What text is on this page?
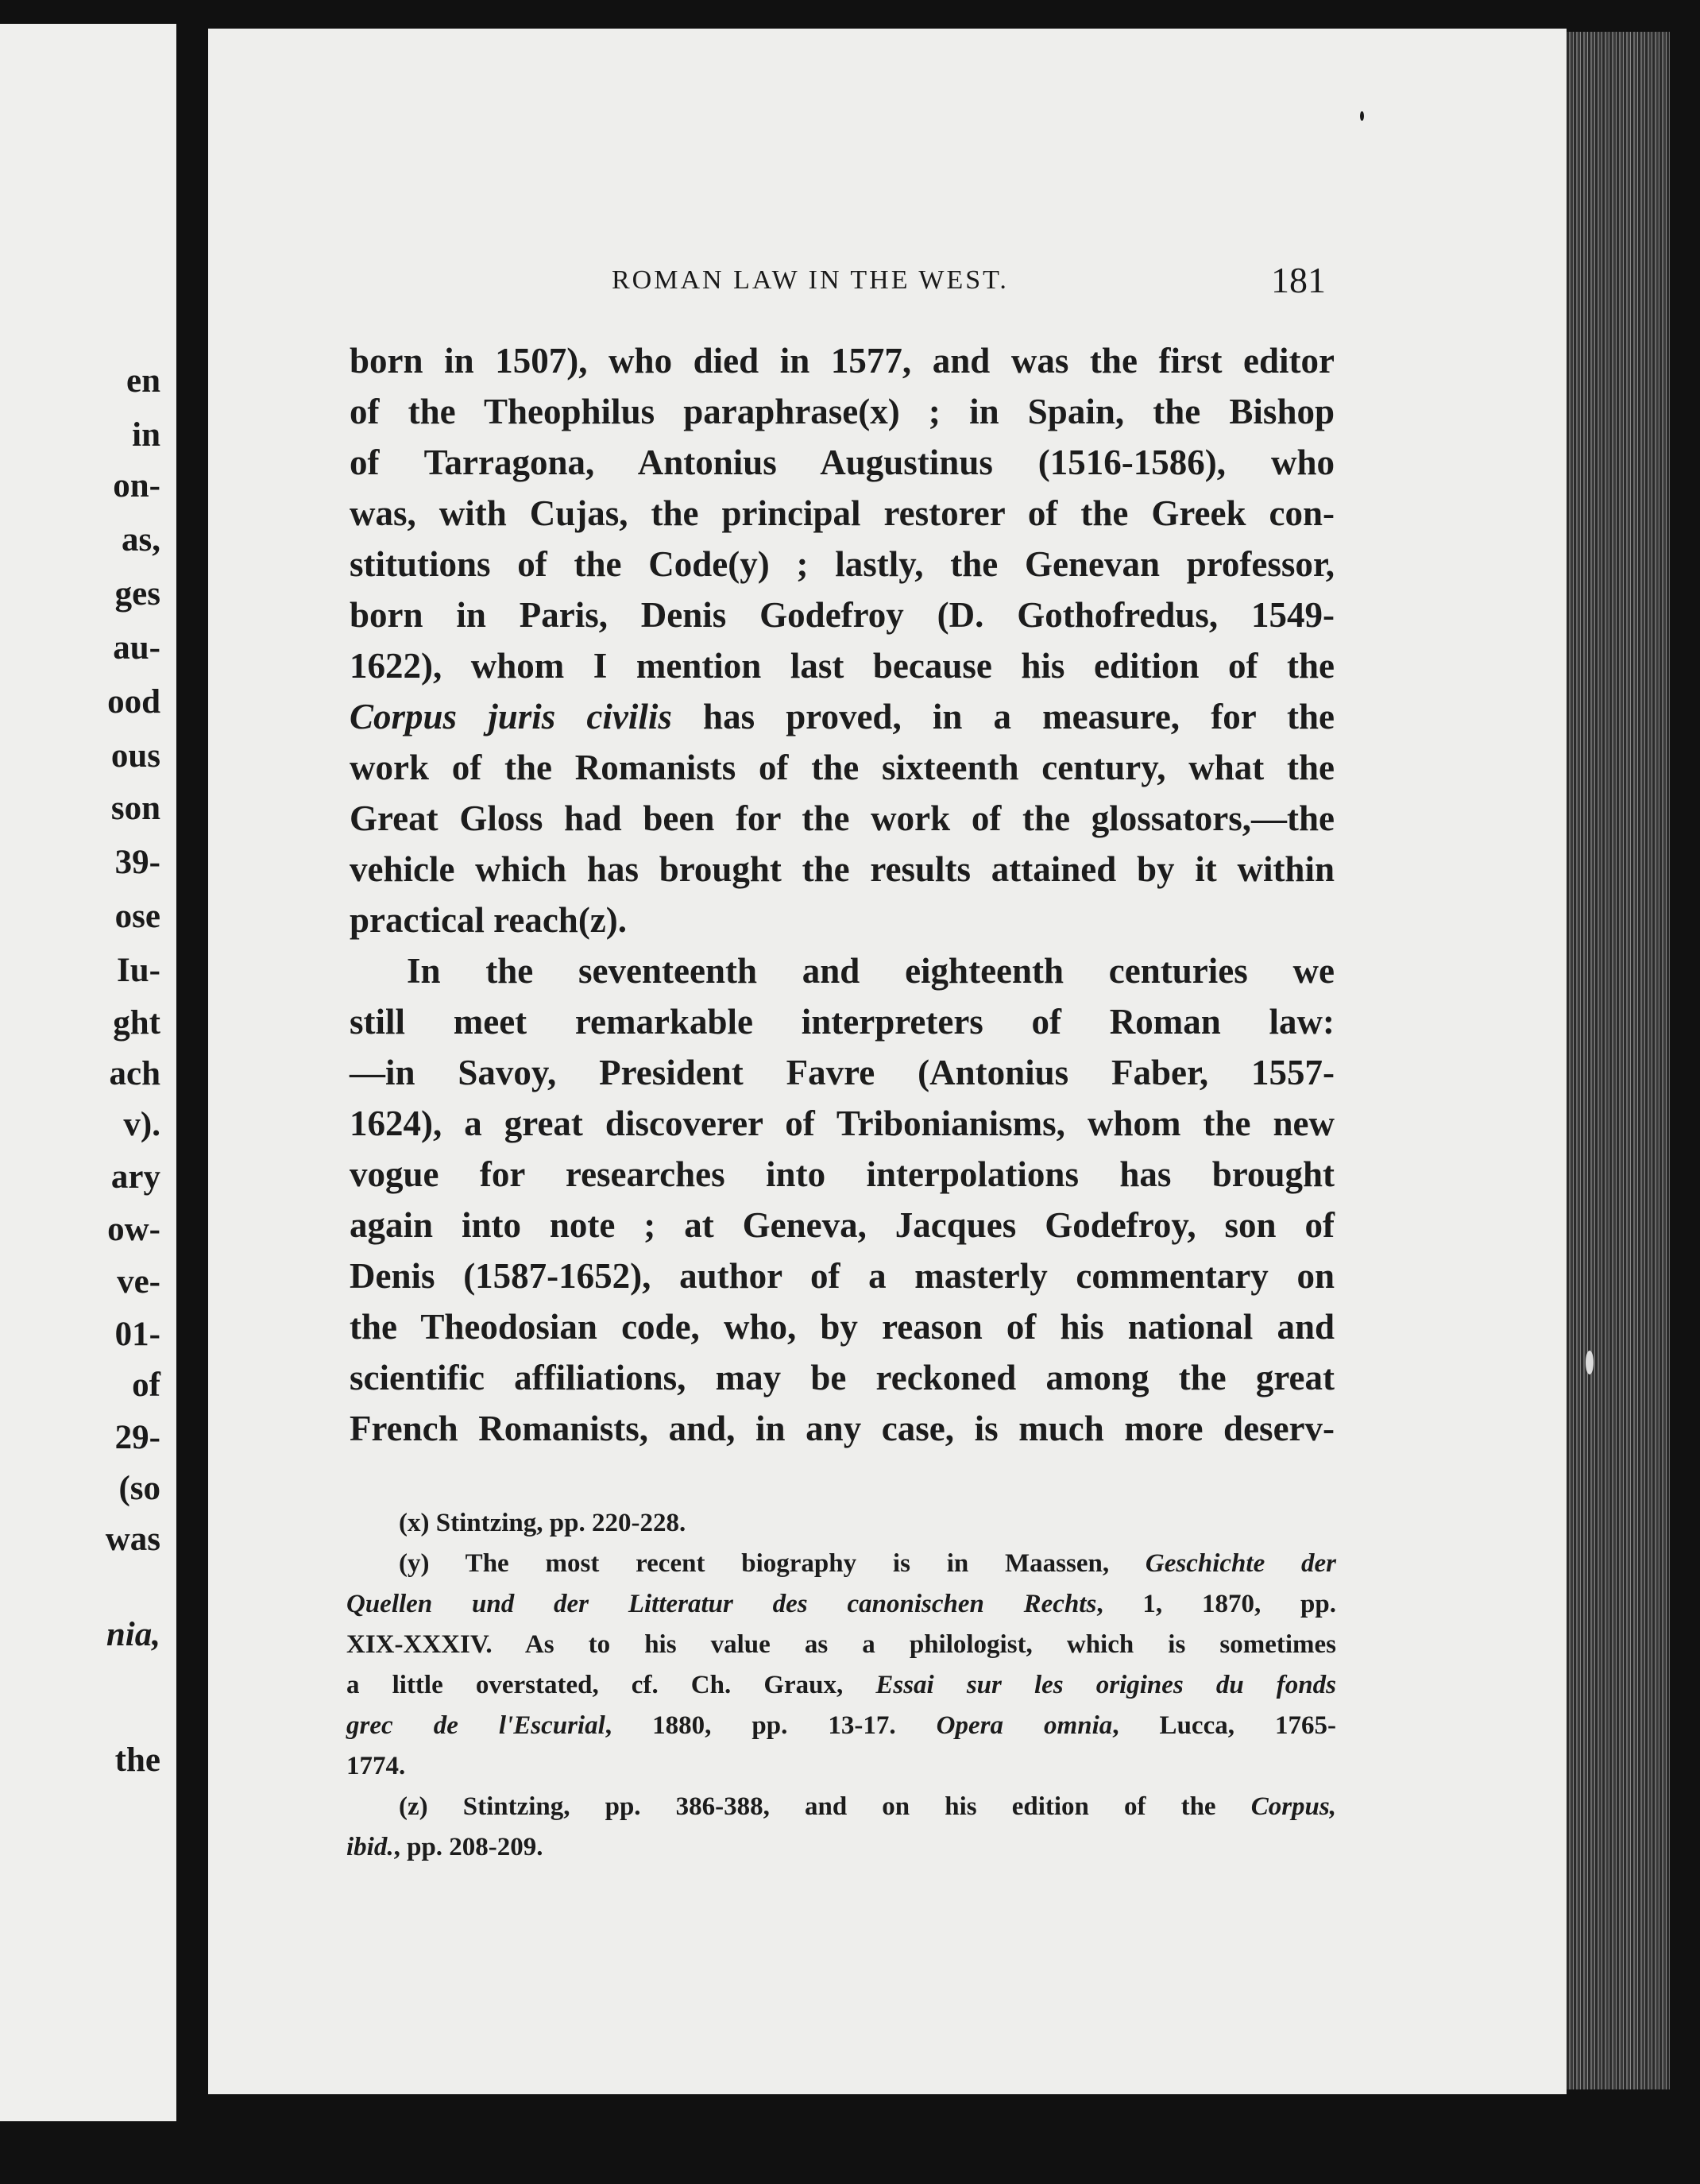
en
in
on-
as,
ges
au-
ood
ous
son
39-
ose
Iu-
ght
ach
v).
ary
ow-
ve-
01-
of
29-
(so
was
nia,
the
ROMAN LAW IN THE WEST.	181
born in 1507), who died in 1577, and was the first editor
of the Theophilus paraphrase(x) ; in Spain, the Bishop
of Tarragona, Antonius Augustinus (1516-1586), who
was, with Cujas, the principal restorer of the Greek con-
stitutions of the Code(y) ; lastly, the Genevan professor,
born in Paris, Denis Godefroy (D. Gothofredus, 1549-
1622), whom I mention last because his edition of the
Corpus juris civilis has proved, in a measure, for the
work of the Romanists of the sixteenth century, what the
Great Gloss had been for the work of the glossators,—the
vehicle which has brought the results attained by it within
practical reach(z).
In the seventeenth and eighteenth centuries we
still meet remarkable interpreters of Roman law:
—in Savoy, President Favre (Antonius Faber, 1557-
1624), a great discoverer of Tribonianisms, whom the new
vogue for researches into interpolations has brought
again into note ; at Geneva, Jacques Godefroy, son of
Denis (1587-1652), author of a masterly commentary on
the Theodosian code, who, by reason of his national and
scientific affiliations, may be reckoned among the great
French Romanists, and, in any case, is much more deserv-
(x) Stintzing, pp. 220-228.
(y) The most recent biography is in Maassen, Geschichte der
Quellen und der Litteratur des canonischen Rechts, 1, 1870, pp.
XIX-XXXIV. As to his value as a philologist, which is sometimes
a little overstated, cf. Ch. Graux, Essai sur les origines du fonds
grec de l'Escurial, 1880, pp. 13-17. Opera omnia, Lucca, 1765-
1774.
(z) Stintzing, pp. 386-388, and on his edition of the Corpus,
ibid., pp. 208-209.
